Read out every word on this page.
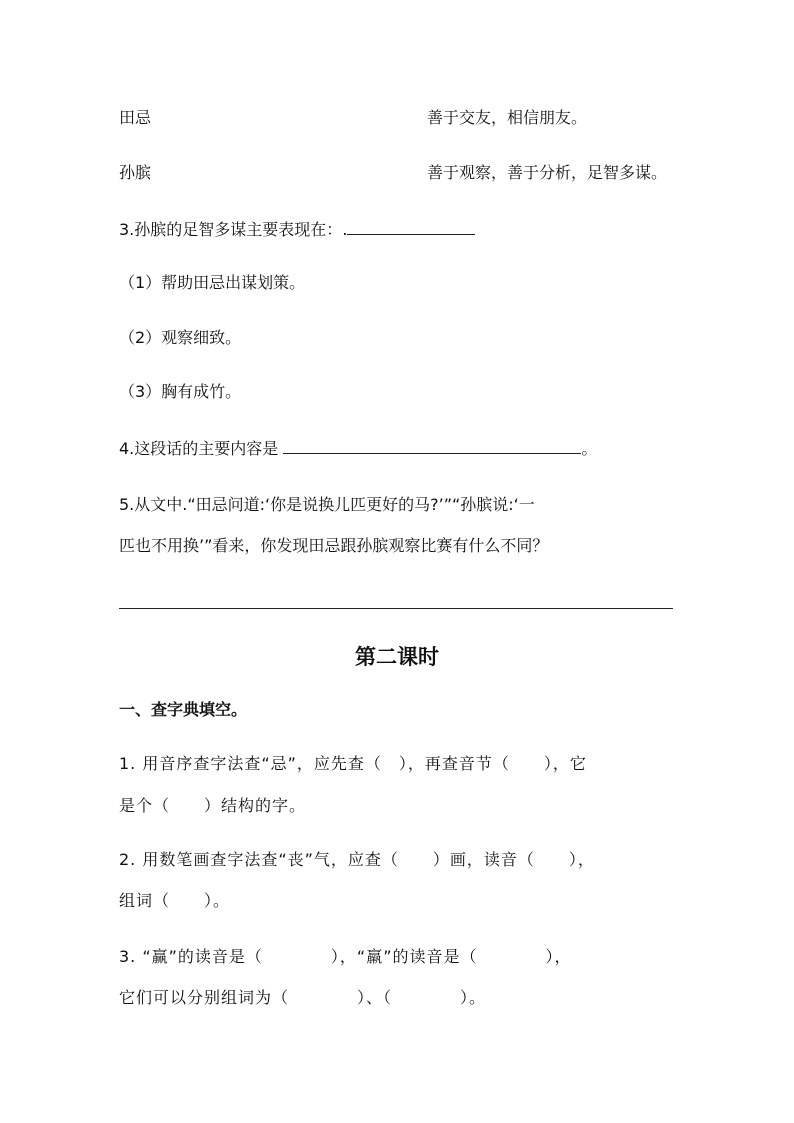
田忌	善于交友，相信朋友。
孙膑	善于观察，善于分析，足智多谋。
3.孙膑的足智多谋主要表现在：.
（1）帮助田忌出谋划策。
（2）观察细致。
（3）胸有成竹。
4.这段话的主要内容是	。
5.从文中.“田忌问道:‘你是说换儿匹更好的马?’”“孙膑说:‘一
匹也不用换’”看来，你发现田忌跟孙膑观察比赛有什么不同？
第二课时
一、查字典填空。
1. 用音序查字法查“忌”，应先查（　），再查音节（　　），它
是个（　　）结构的字。
2. 用数笔画查字法查“丧”气，应查（　　）画，读音（　　），
组词（　　）。
3. “赢”的读音是（　　　　），“羸”的读音是（　　　　），
它们可以分别组词为（　　　　）、（　　　　）。
